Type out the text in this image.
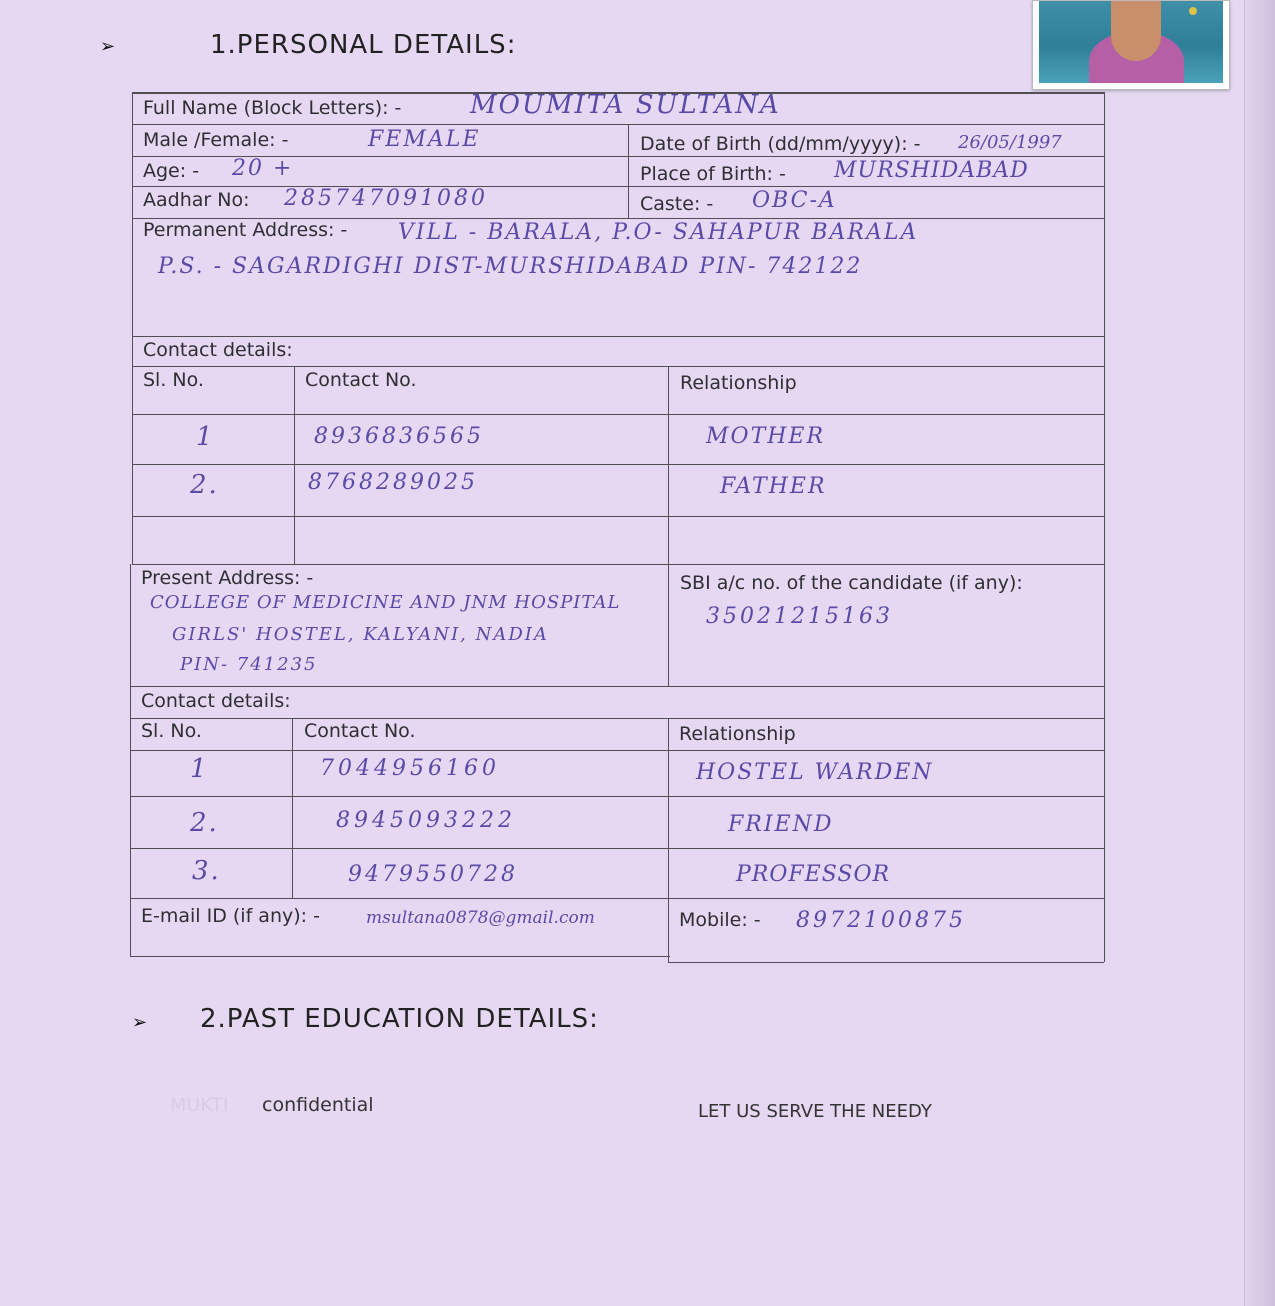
➢	1.PERSONAL DETAILS:
Full Name (Block Letters): -	MOUMITA SULTANA
Male /Female: -	FEMALE	Date of Birth (dd/mm/yyyy): - 26/05/1997
Age: - 20 +	Place of Birth: - MURSHIDABAD
Aadhar No: 285747091080	Caste: - OBC-A
Permanent Address: - VILL - BARALA, P.O- SAHAPUR BARALA
P.S. - SAGARDIGHI DIST-MURSHIDABAD PIN- 742122
Contact details:
Sl. No.	Contact No.	Relationship
1	8936836565	MOTHER
2.	8768289025	FATHER
Present Address: -
COLLEGE OF MEDICINE AND JNM HOSPITAL
GIRLS' HOSTEL, KALYANI, NADIA
PIN- 741235
SBI a/c no. of the candidate (if any):
35021215163
Contact details:
Sl. No.	Contact No.	Relationship
1	7044956160	HOSTEL WARDEN
2.	8945093222	FRIEND
3.	9479550728	PROFESSOR
E-mail ID (if any): -	msultana0878@gmail.com	Mobile: - 8972100875
➢ 2.PAST EDUCATION DETAILS:
MUKTI confidential	LET US SERVE THE NEEDY
